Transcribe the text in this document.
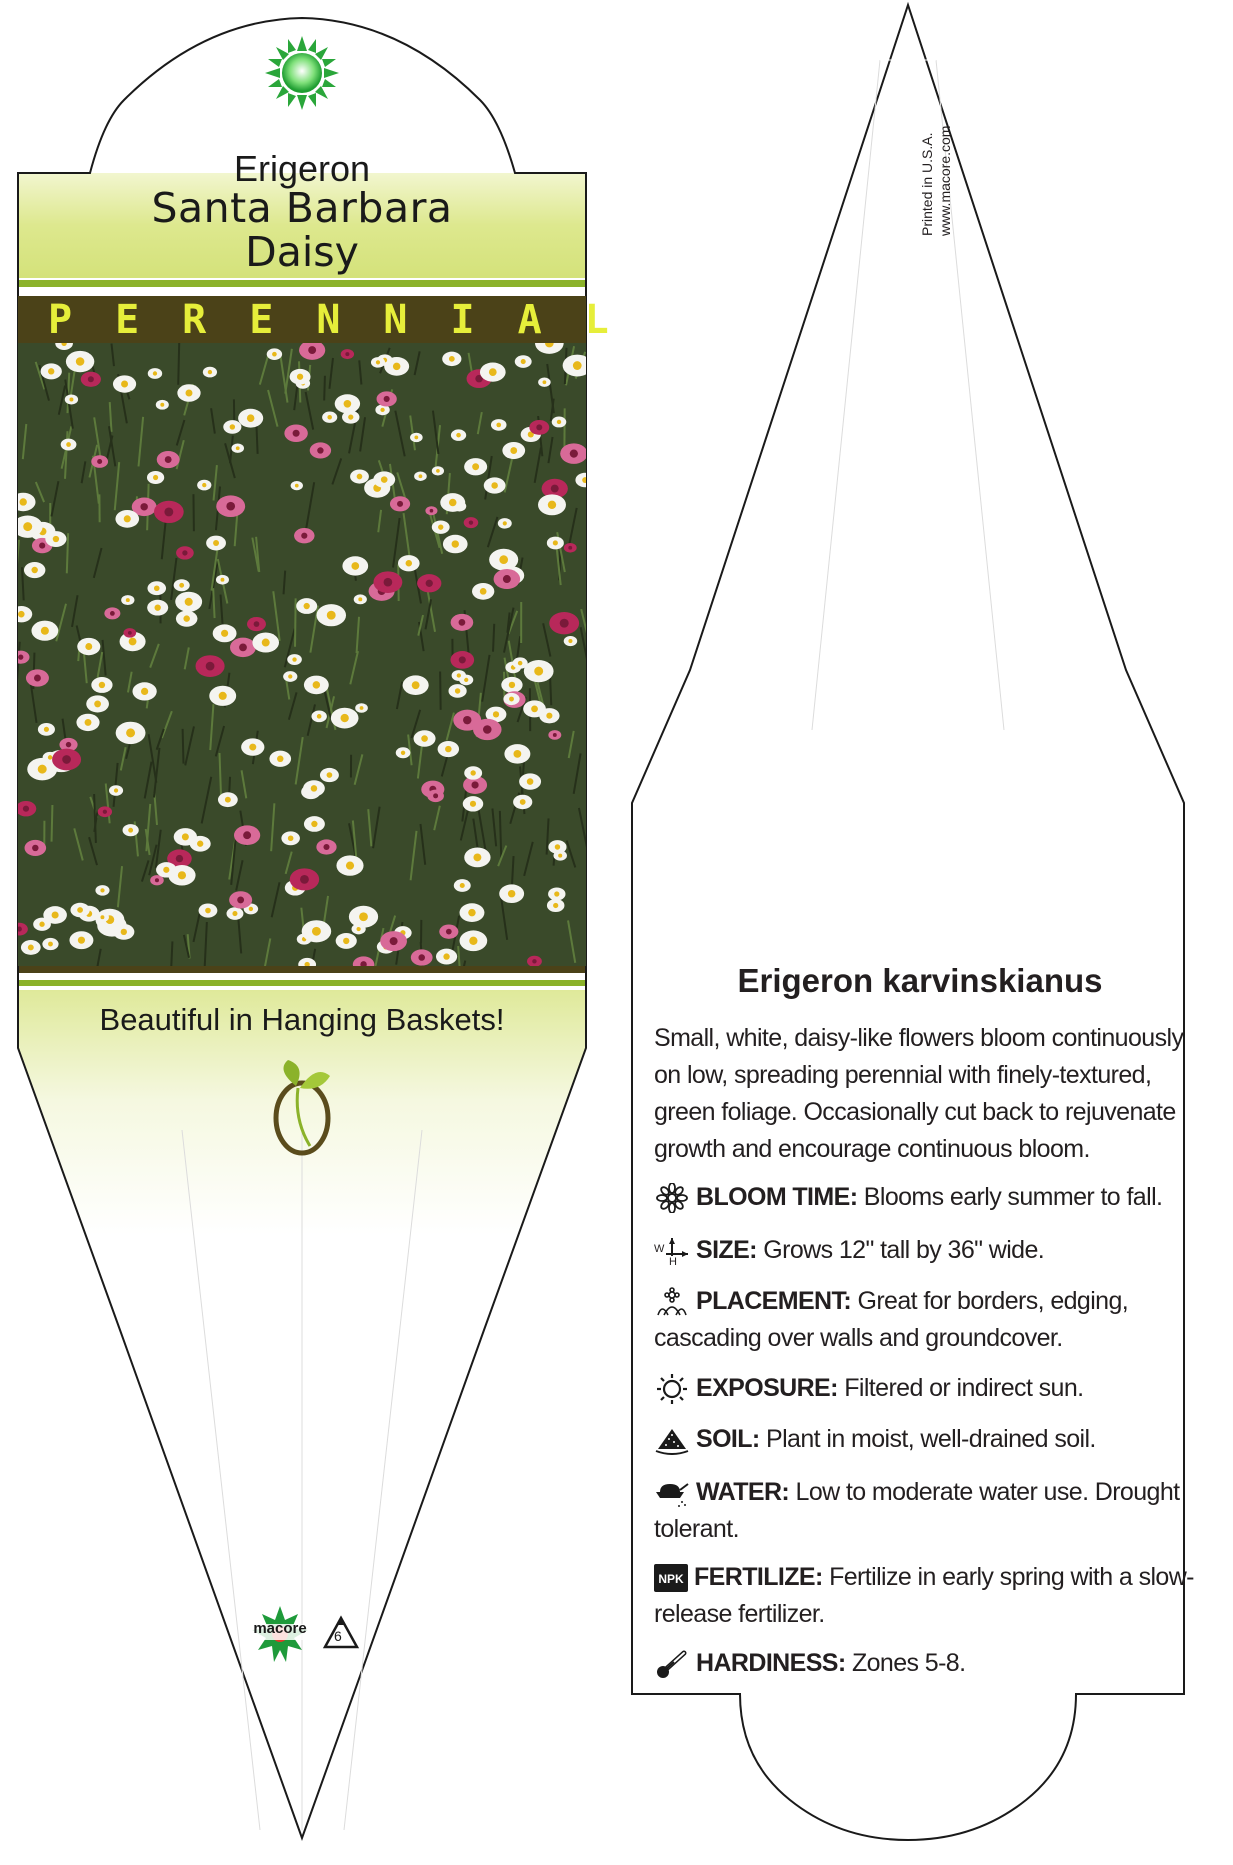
Erigeron
Santa Barbara
Daisy
PERENNIAL
Beautiful in Hanging Baskets!
macore	6
Printed in U.S.A. www.macore.com
Erigeron karvinskianus
Small, white, daisy-like flowers bloom continuously on low, spreading perennial with finely-textured, green foliage. Occasionally cut back to rejuvenate growth and encourage continuous bloom.
BLOOM TIME: Blooms early summer to fall.
W
H SIZE: Grows 12" tall by 36" wide.
PLACEMENT: Great for borders, edging, cascading over walls and groundcover.
EXPOSURE: Filtered or indirect sun.
SOIL: Plant in moist, well-drained soil.
WATER: Low to moderate water use. Drought tolerant.
NPK FERTILIZE: Fertilize in early spring with a slow-release fertilizer.
HARDINESS: Zones 5-8.
